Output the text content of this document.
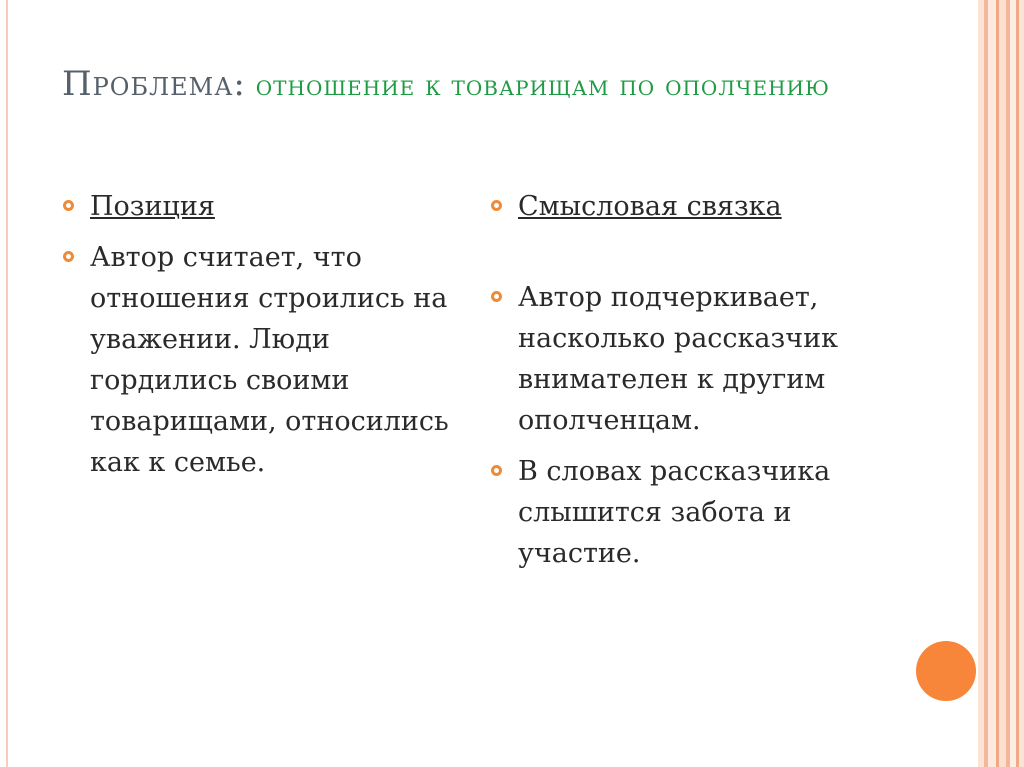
Проблема: отношение к товарищам по ополчению
Позиция
Автор считает, что отношения строились на уважении. Люди гордились своими товарищами, относились как к семье.
Смысловая связка
Автор подчеркивает, насколько рассказчик внимателен к другим ополченцам.
В словах рассказчика слышится забота и участие.
